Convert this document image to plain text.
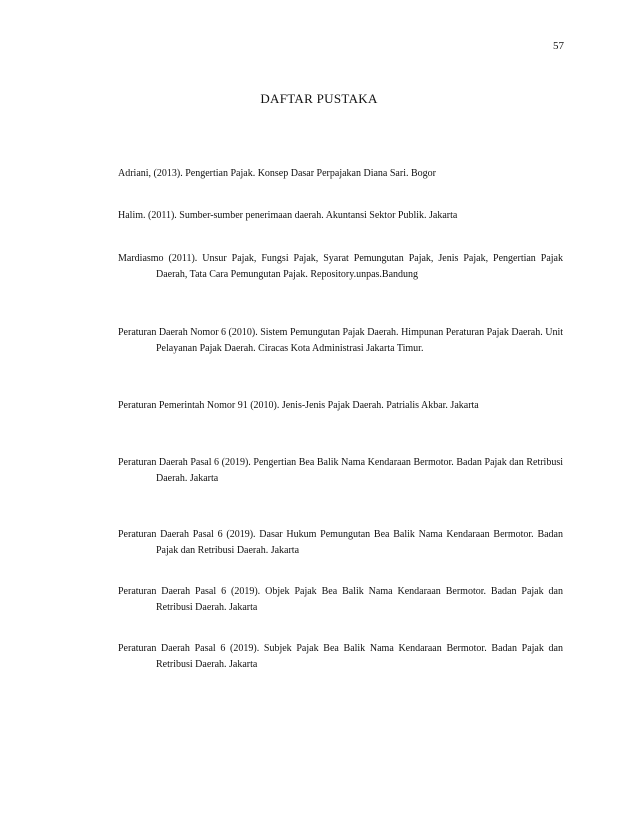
57
DAFTAR PUSTAKA
Adriani, (2013). Pengertian Pajak. Konsep Dasar Perpajakan Diana Sari. Bogor
Halim. (2011). Sumber-sumber penerimaan daerah. Akuntansi Sektor Publik. Jakarta
Mardiasmo (2011). Unsur Pajak, Fungsi Pajak, Syarat Pemungutan Pajak, Jenis Pajak, Pengertian Pajak Daerah, Tata Cara Pemungutan Pajak. Repository.unpas.Bandung
Peraturan Daerah Nomor 6 (2010). Sistem Pemungutan Pajak Daerah. Himpunan Peraturan Pajak Daerah. Unit Pelayanan Pajak Daerah. Ciracas Kota Administrasi Jakarta Timur.
Peraturan Pemerintah Nomor 91 (2010). Jenis-Jenis Pajak Daerah. Patrialis Akbar. Jakarta
Peraturan Daerah Pasal 6 (2019). Pengertian Bea Balik Nama Kendaraan Bermotor. Badan Pajak dan Retribusi Daerah. Jakarta
Peraturan Daerah Pasal 6 (2019). Dasar Hukum Pemungutan Bea Balik Nama Kendaraan Bermotor. Badan Pajak dan Retribusi Daerah. Jakarta
Peraturan Daerah Pasal 6 (2019). Objek Pajak Bea Balik Nama Kendaraan Bermotor. Badan Pajak dan Retribusi Daerah. Jakarta
Peraturan Daerah Pasal 6 (2019). Subjek Pajak Bea Balik Nama Kendaraan Bermotor. Badan Pajak dan Retribusi Daerah. Jakarta
